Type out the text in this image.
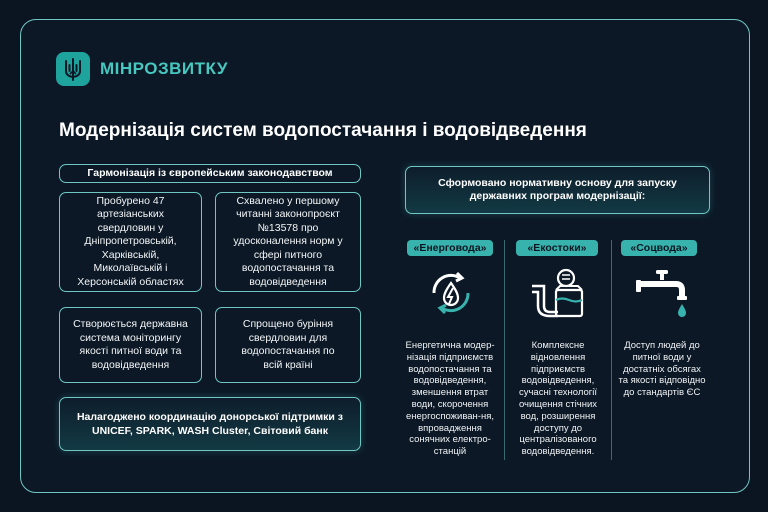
МІНРОЗВИТКУ
Модернізація систем водопостачання і водовідведення
Гармонізація із європейським законодавством
Пробурено 47 артезіанських свердловин у Дніпропетровській, Харківській, Миколаївській і Херсонській областях
Схвалено у першому читанні законопроєкт №13578 про удосконалення норм у сфері питного водопостачання та водовідведення
Створюється державна система моніторингу якості питної води та водовідведення
Спрощено буріння свердловин для водопостачання по всій країні
Налагоджено координацію донорської підтримки з UNICEF, SPARK, WASH Cluster, Світовий банк
Сформовано нормативну основу для запуску державних програм модернізації:
«Енерговода»
Енергетична модер-нізація підприємств водопостачання та водовідведення, зменшення втрат води, скорочення енергоспоживан-ня, впровадження сонячних електро-станцій
«Екостоки»
Комплексне відновлення підприємств водовідведення, сучасні технології очищення стічних вод, розширення доступу до централізованого водовідведення.
«Соцвода»
Доступ людей до питної води у достатніх обсягах та якості відповідно до стандартів ЄС
